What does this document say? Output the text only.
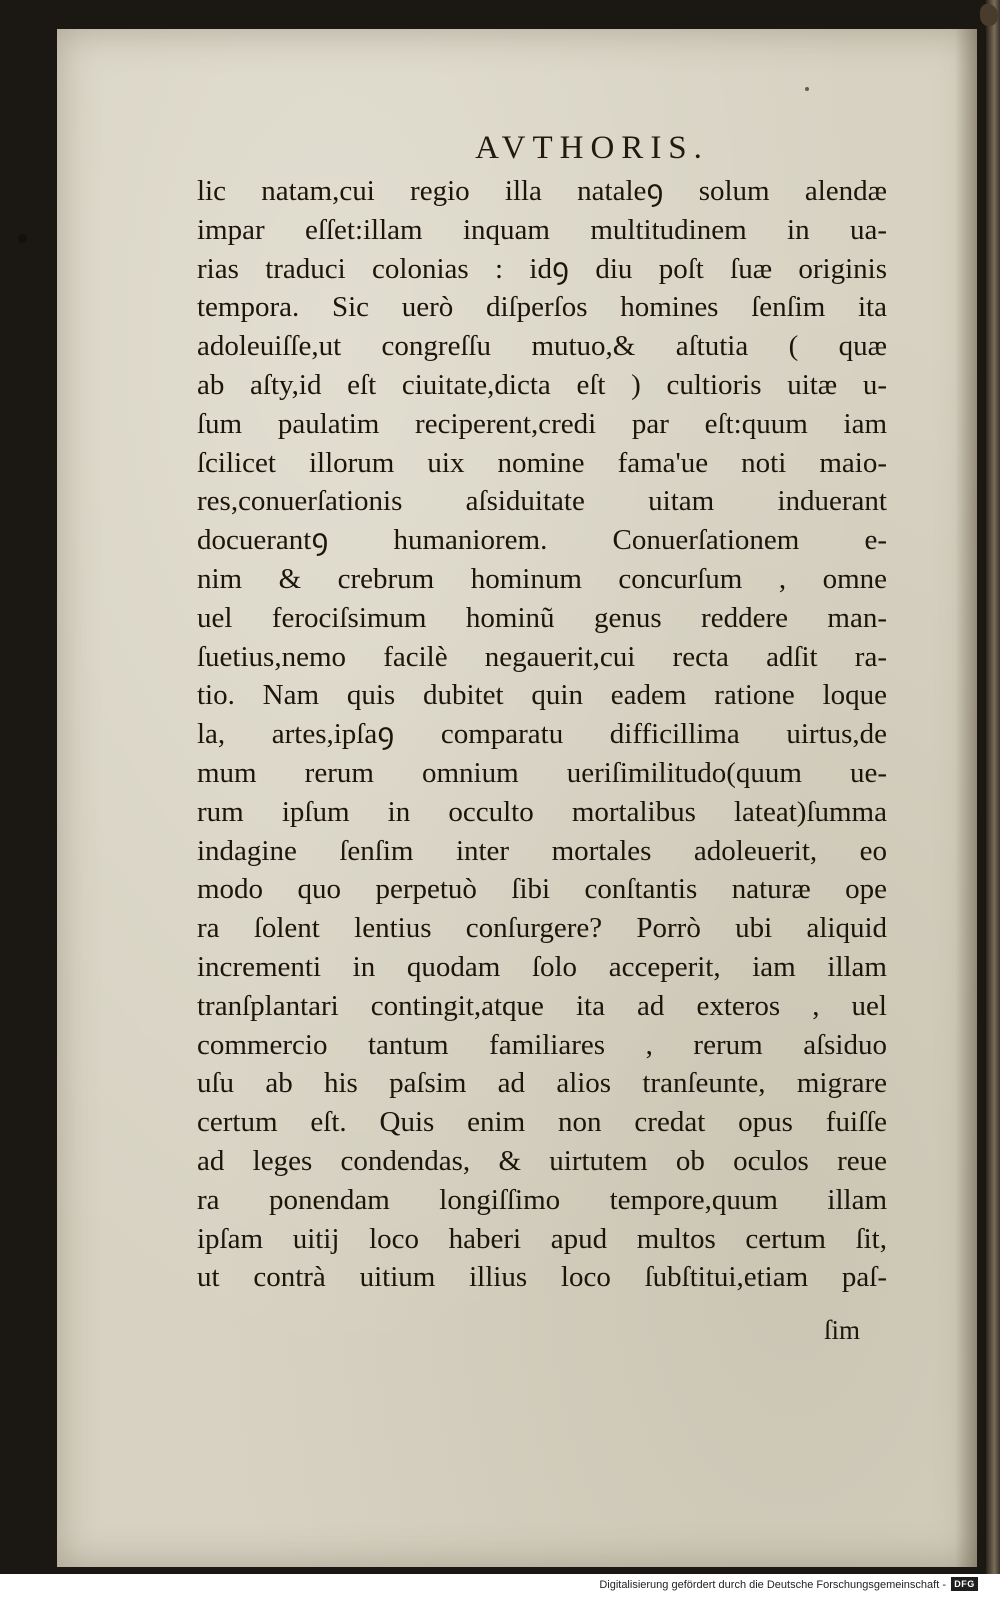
AVTHORIS.
lic natam,cui regio illa nataleꝯ solum alendæ
impar eſſet:illam inquam multitudinem in ua-
rias traduci colonias : idꝯ diu poſt ſuæ originis
tempora. Sic uerò diſperſos homines ſenſim ita
adoleuiſſe,ut congreſſu mutuo,& aſtutia ( quæ
ab aſty,id eſt ciuitate,dicta eſt ) cultioris uitæ u-
ſum paulatim reciperent,credi par eſt:quum iam
ſcilicet illorum uix nomine fama'ue noti maio-
res,conuerſationis aſsiduitate uitam induerant
docuerantꝯ humaniorem. Conuerſationem e-
nim & crebrum hominum concurſum , omne
uel ferociſsimum hominũ genus reddere man-
ſuetius,nemo facilè negauerit,cui recta adſit ra-
tio. Nam quis dubitet quin eadem ratione loque
la, artes,ipſaꝯ comparatu difficillima uirtus,de
mum rerum omnium ueriſimilitudo(quum ue-
rum ipſum in occulto mortalibus lateat)ſumma
indagine ſenſim inter mortales adoleuerit, eo
modo quo perpetuò ſibi conſtantis naturæ ope
ra ſolent lentius conſurgere? Porrò ubi aliquid
incrementi in quodam ſolo acceperit, iam illam
tranſplantari contingit,atque ita ad exteros , uel
commercio tantum familiares , rerum aſsiduo
uſu ab his paſsim ad alios tranſeunte, migrare
certum eſt. Quis enim non credat opus fuiſſe
ad leges condendas, & uirtutem ob oculos reue
ra ponendam longiſſimo tempore,quum illam
ipſam uitij loco haberi apud multos certum ſit,
ut contrà uitium illius loco ſubſtitui,etiam paſ-
ſim
Digitalisierung gefördert durch die Deutsche Forschungsgemeinschaft - DFG
